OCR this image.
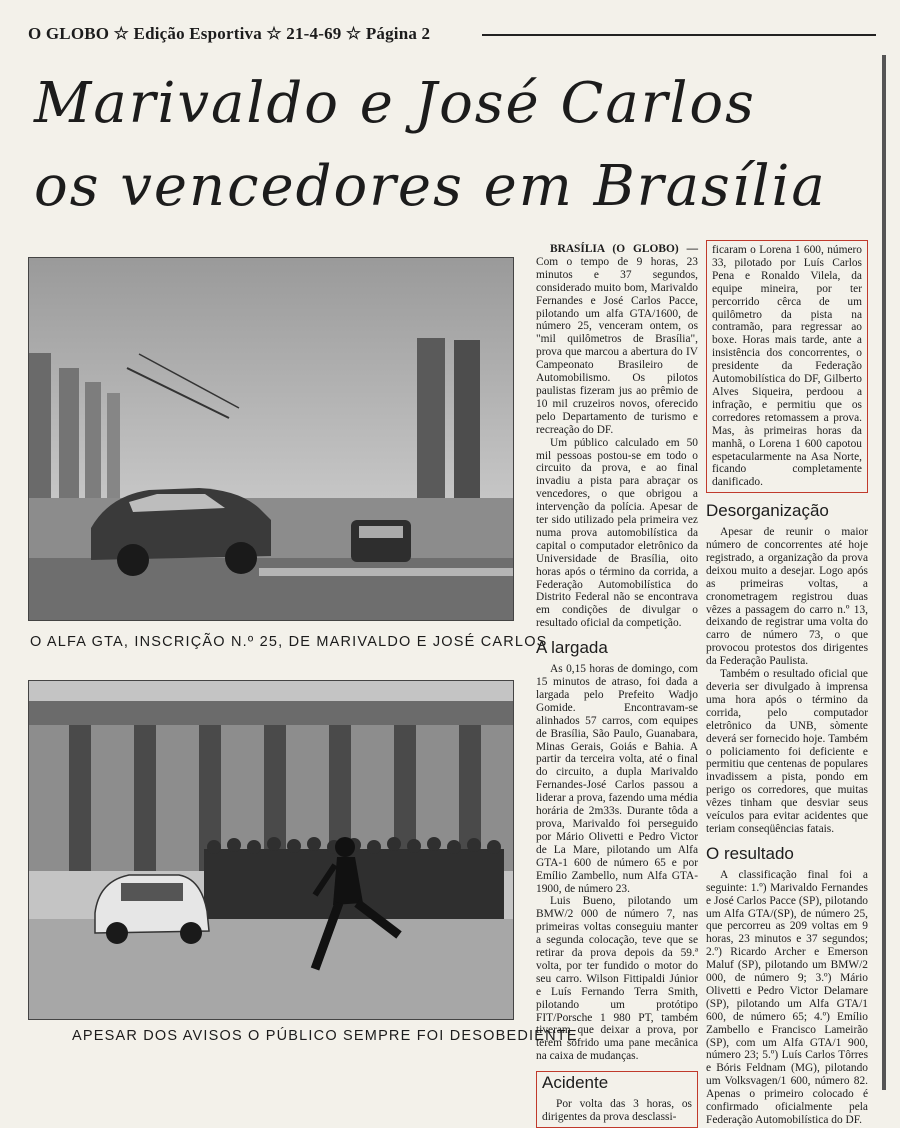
O GLOBO ☆ Edição Esportiva ☆ 21-4-69 ☆ Página 2
Marivaldo e José Carlos
os vencedores em Brasília
O ALFA GTA, INSCRIÇÃO N.º 25, DE MARIVALDO E JOSÉ CARLOS
APESAR DOS AVISOS O PÚBLICO SEMPRE FOI DESOBEDIENTE

BRASÍLIA (O GLOBO) — Com o tempo de 9 horas, 23 minutos e 37 segundos, considerado muito bom, Marivaldo Fernandes e José Carlos Pacce, pilotando um alfa GTA/1600, de número 25, venceram ontem, os "mil quilômetros de Brasília", prova que marcou a abertura do IV Campeonato Brasileiro de Automobilismo. Os pilotos paulistas fizeram jus ao prêmio de 10 mil cruzeiros novos, oferecido pelo Departamento de turismo e recreação do DF.

Um público calculado em 50 mil pessoas postou-se em todo o circuito da prova, e ao final invadiu a pista para abraçar os vencedores, o que obrigou a intervenção da polícia. Apesar de ter sido utilizado pela primeira vez numa prova automobilística da capital o computador eletrônico da Universidade de Brasília, oito horas após o término da corrida, a Federação Automobilística do Distrito Federal não se encontrava em condições de divulgar o resultado oficial da competição.

A largada

As 0,15 horas de domingo, com 15 minutos de atraso, foi dada a largada pelo Prefeito Wadjo Gomide. Encontravam-se alinhados 57 carros, com equipes de Brasília, São Paulo, Guanabara, Minas Gerais, Goiás e Bahia. A partir da terceira volta, até o final do circuito, a dupla Marivaldo Fernandes-José Carlos passou a liderar a prova, fazendo uma média horária de 2m33s. Durante tôda a prova, Marivaldo foi perseguido por Mário Olivetti e Pedro Victor de La Mare, pilotando um Alfa GTA-1 600 de número 65 e por Emílio Zambello, num Alfa GTA-1900, de número 23.

Luis Bueno, pilotando um BMW/2 000 de número 7, nas primeiras voltas conseguiu manter a segunda colocação, teve que se retirar da prova depois da 59.ª volta, por ter fundido o motor do seu carro. Wilson Fittipaldi Júnior e Luís Fernando Terra Smith, pilotando um protótipo FIT/Porsche 1 980 PT, também tiveram que deixar a prova, por terem sofrido uma pane mecânica na caixa de mudanças.

Acidente

Por volta das 3 horas, os dirigentes da prova desclassi-

ficaram o Lorena 1 600, número 33, pilotado por Luís Carlos Pena e Ronaldo Vilela, da equipe mineira, por ter percorrido cêrca de um quilômetro da pista na contramão, para regressar ao boxe. Horas mais tarde, ante a insistência dos concorrentes, o presidente da Federação Automobilística do DF, Gilberto Alves Siqueira, perdoou a infração, e permitiu que os corredores retomassem a prova. Mas, às primeiras horas da manhã, o Lorena 1 600 capotou espetacularmente na Asa Norte, ficando completamente danificado.

Desorganização

Apesar de reunir o maior número de concorrentes até hoje registrado, a organização da prova deixou muito a desejar. Logo após as primeiras voltas, a cronometragem registrou duas vêzes a passagem do carro n.º 13, deixando de registrar uma volta do carro de número 73, o que provocou protestos dos dirigentes da Federação Paulista.

Também o resultado oficial que deveria ser divulgado à imprensa uma hora após o término da corrida, pelo computador eletrônico da UNB, sòmente deverá ser fornecido hoje. Também o policiamento foi deficiente e permitiu que centenas de populares invadissem a pista, pondo em perigo os corredores, que muitas vêzes tinham que desviar seus veículos para evitar acidentes que teriam conseqüências fatais.

O resultado

A classificação final foi a seguinte: 1.º) Marivaldo Fernandes e José Carlos Pacce (SP), pilotando um Alfa GTA/(SP), de número 25, que percorreu as 209 voltas em 9 horas, 23 minutos e 37 segundos; 2.º) Ricardo Archer e Emerson Maluf (SP), pilotando um BMW/2 000, de número 9; 3.º) Mário Olivetti e Pedro Victor Delamare (SP), pilotando um Alfa GTA/1 600, de número 65; 4.º) Emílio Zambello e Francisco Lameirão (SP), com um Alfa GTA/1 900, número 23; 5.º) Luís Carlos Tôrres e Bóris Feldnam (MG), pilotando um Volksvagen/1 600, número 82. Apenas o primeiro colocado é confirmado oficialmente pela Federação Automobilística do DF.
